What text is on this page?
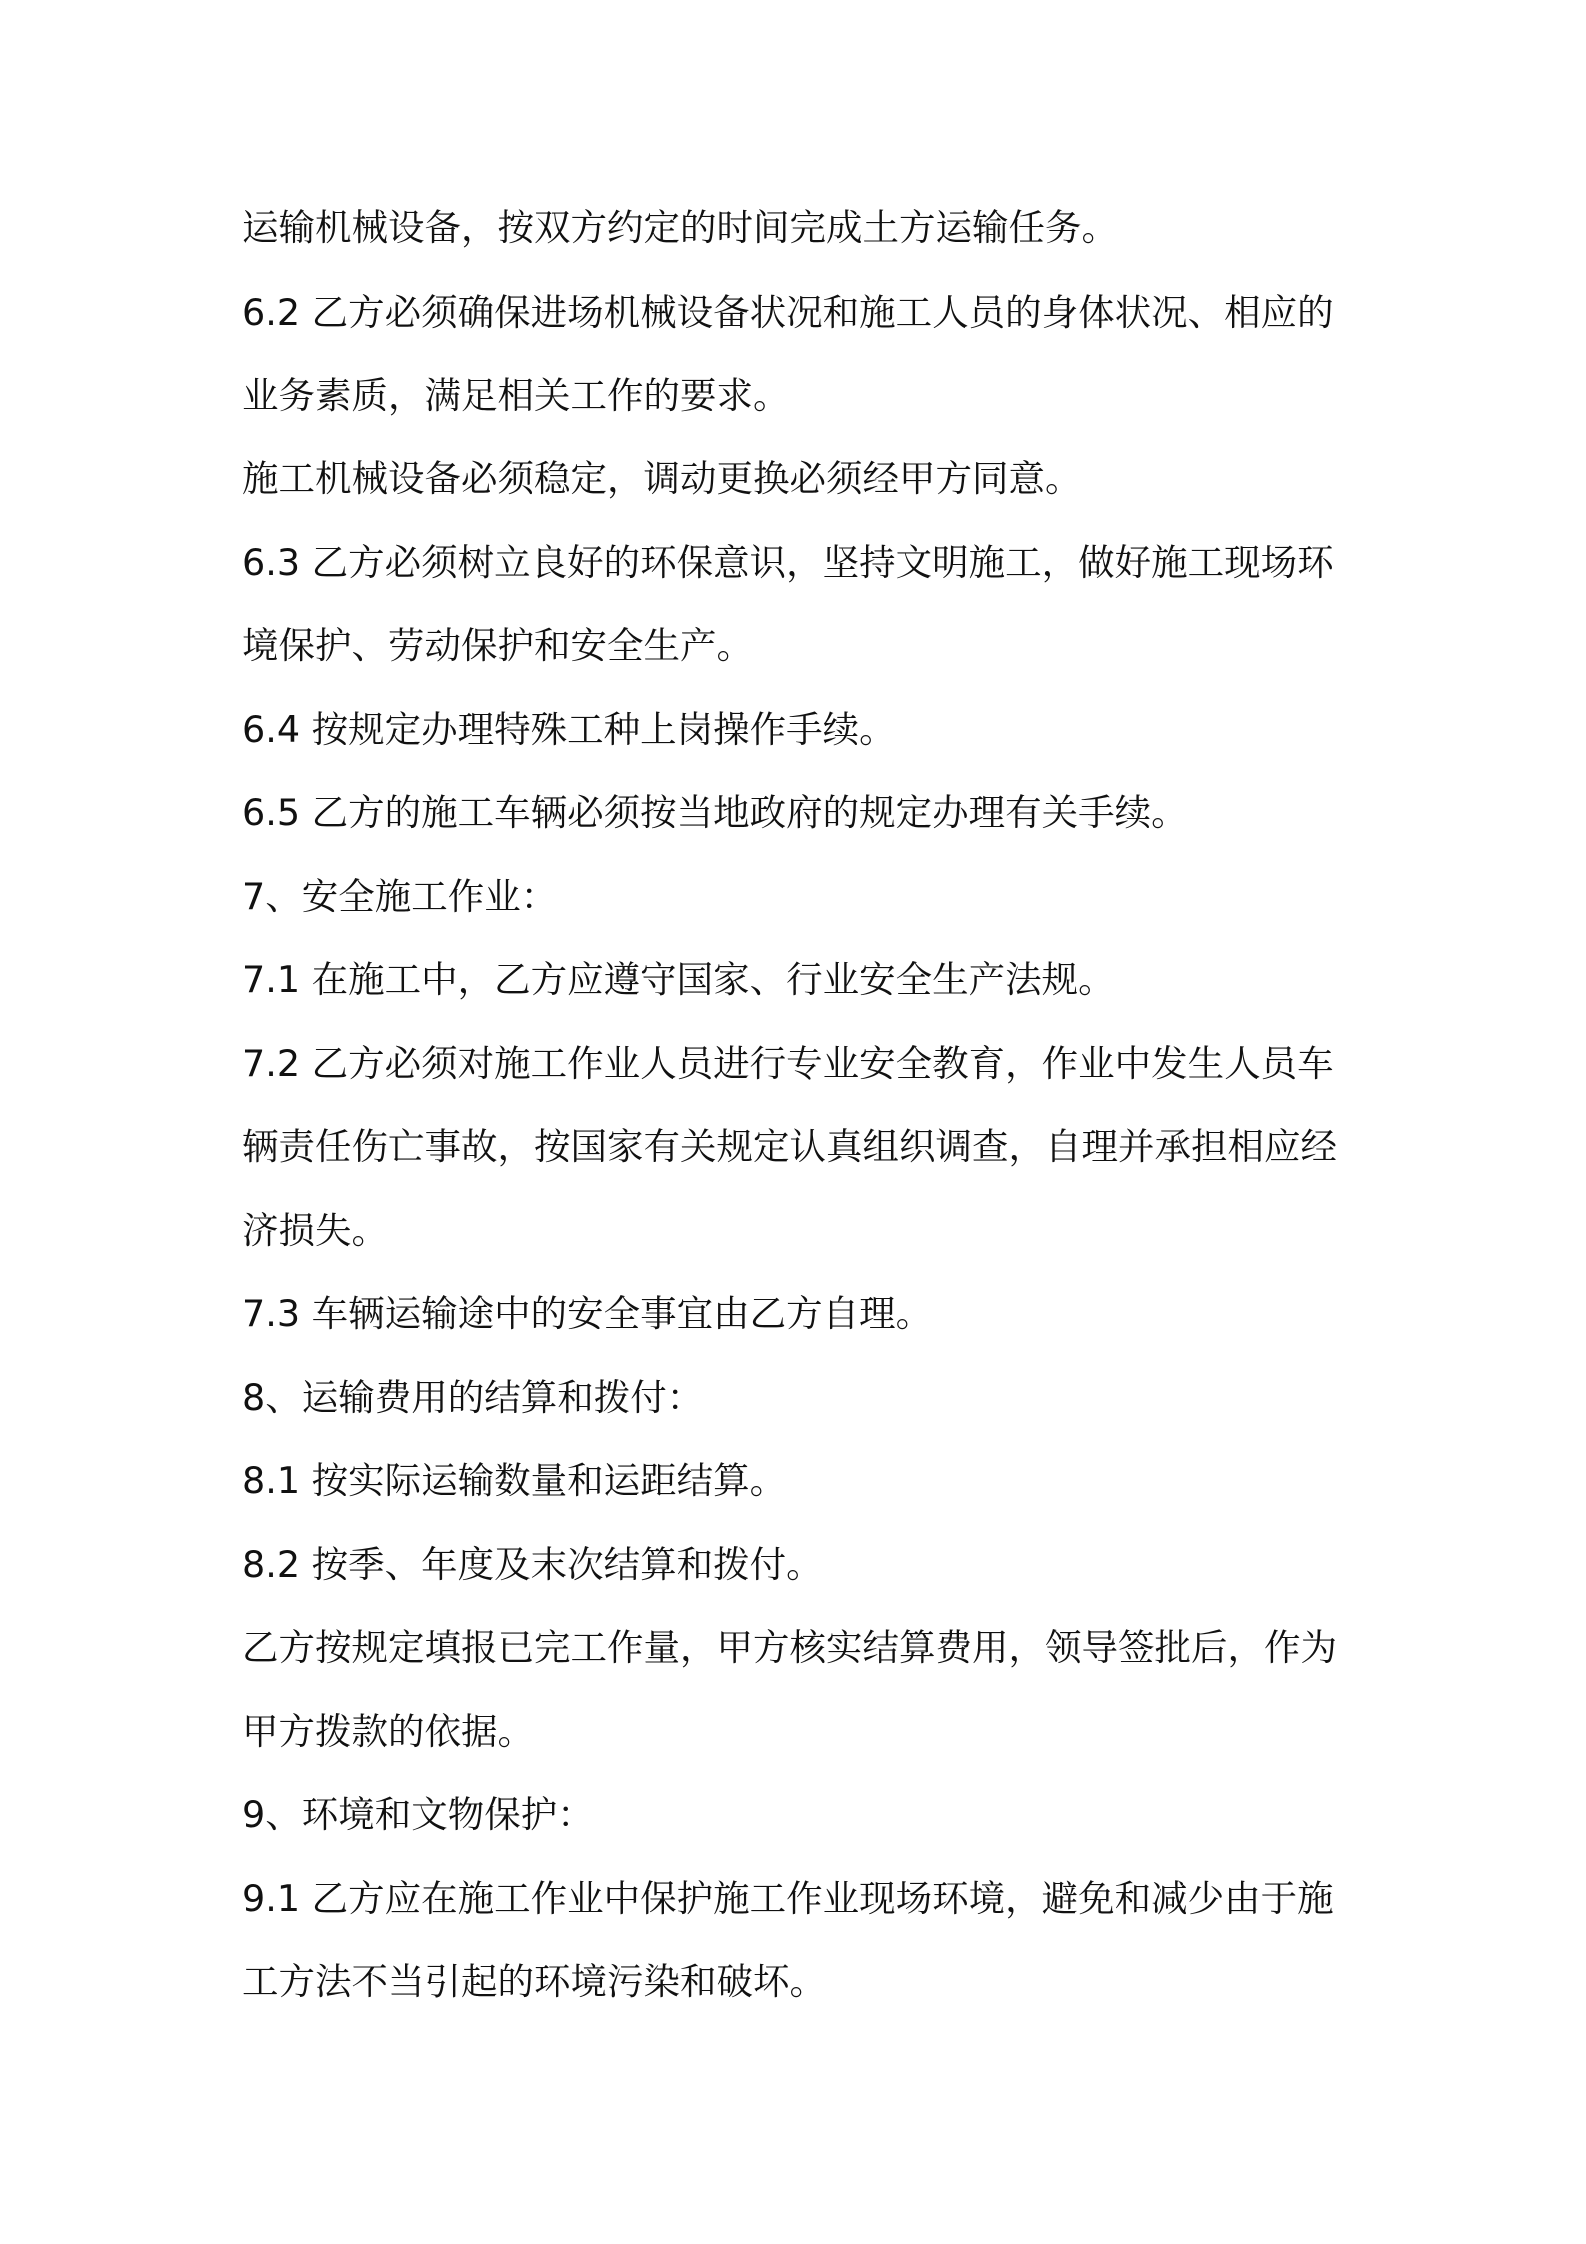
运输机械设备，按双方约定的时间完成土方运输任务。
6.2 乙方必须确保进场机械设备状况和施工人员的身体状况、相应的
业务素质，满足相关工作的要求。
施工机械设备必须稳定，调动更换必须经甲方同意。
6.3 乙方必须树立良好的环保意识，坚持文明施工，做好施工现场环
境保护、劳动保护和安全生产。
6.4 按规定办理特殊工种上岗操作手续。
6.5 乙方的施工车辆必须按当地政府的规定办理有关手续。
7、安全施工作业：
7.1 在施工中，乙方应遵守国家、行业安全生产法规。
7.2 乙方必须对施工作业人员进行专业安全教育，作业中发生人员车
辆责任伤亡事故，按国家有关规定认真组织调查，自理并承担相应经
济损失。
7.3 车辆运输途中的安全事宜由乙方自理。
8、运输费用的结算和拨付：
8.1 按实际运输数量和运距结算。
8.2 按季、年度及末次结算和拨付。
乙方按规定填报已完工作量，甲方核实结算费用，领导签批后，作为
甲方拨款的依据。
9、环境和文物保护：
9.1 乙方应在施工作业中保护施工作业现场环境，避免和减少由于施
工方法不当引起的环境污染和破坏。
